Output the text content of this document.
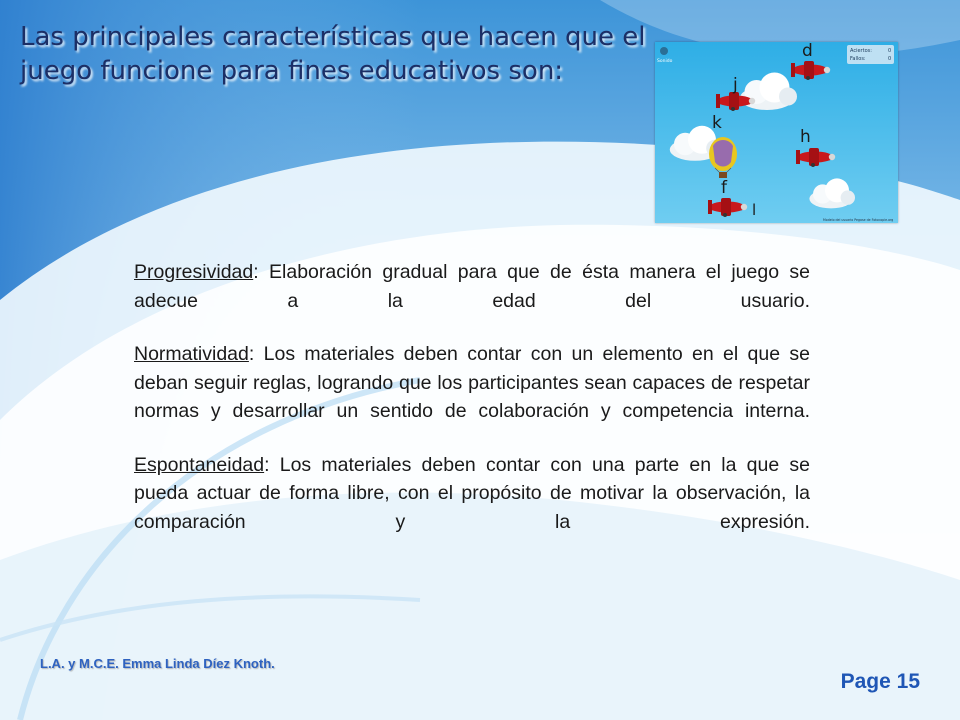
Las principales características que hacen que el juego funcione para fines educativos son:	Sonido
Aciertos:	0
Fallos:	0
d
j
k
h
f
l
Modelo del usuario Pegase de Fotocopie.org

Progresividad: Elaboración gradual para que de ésta manera el juego se adecue a la edad del usuario.

Normatividad: Los materiales deben contar con un elemento en el que se deban seguir reglas, logrando que los participantes sean capaces de respetar normas y desarrollar un sentido de colaboración y competencia interna.

Espontaneidad: Los materiales deben contar con una parte en la que se pueda actuar de forma libre, con el propósito de motivar la observación, la comparación y la expresión.

L.A. y M.C.E. Emma Linda Díez Knoth.
Page 15
